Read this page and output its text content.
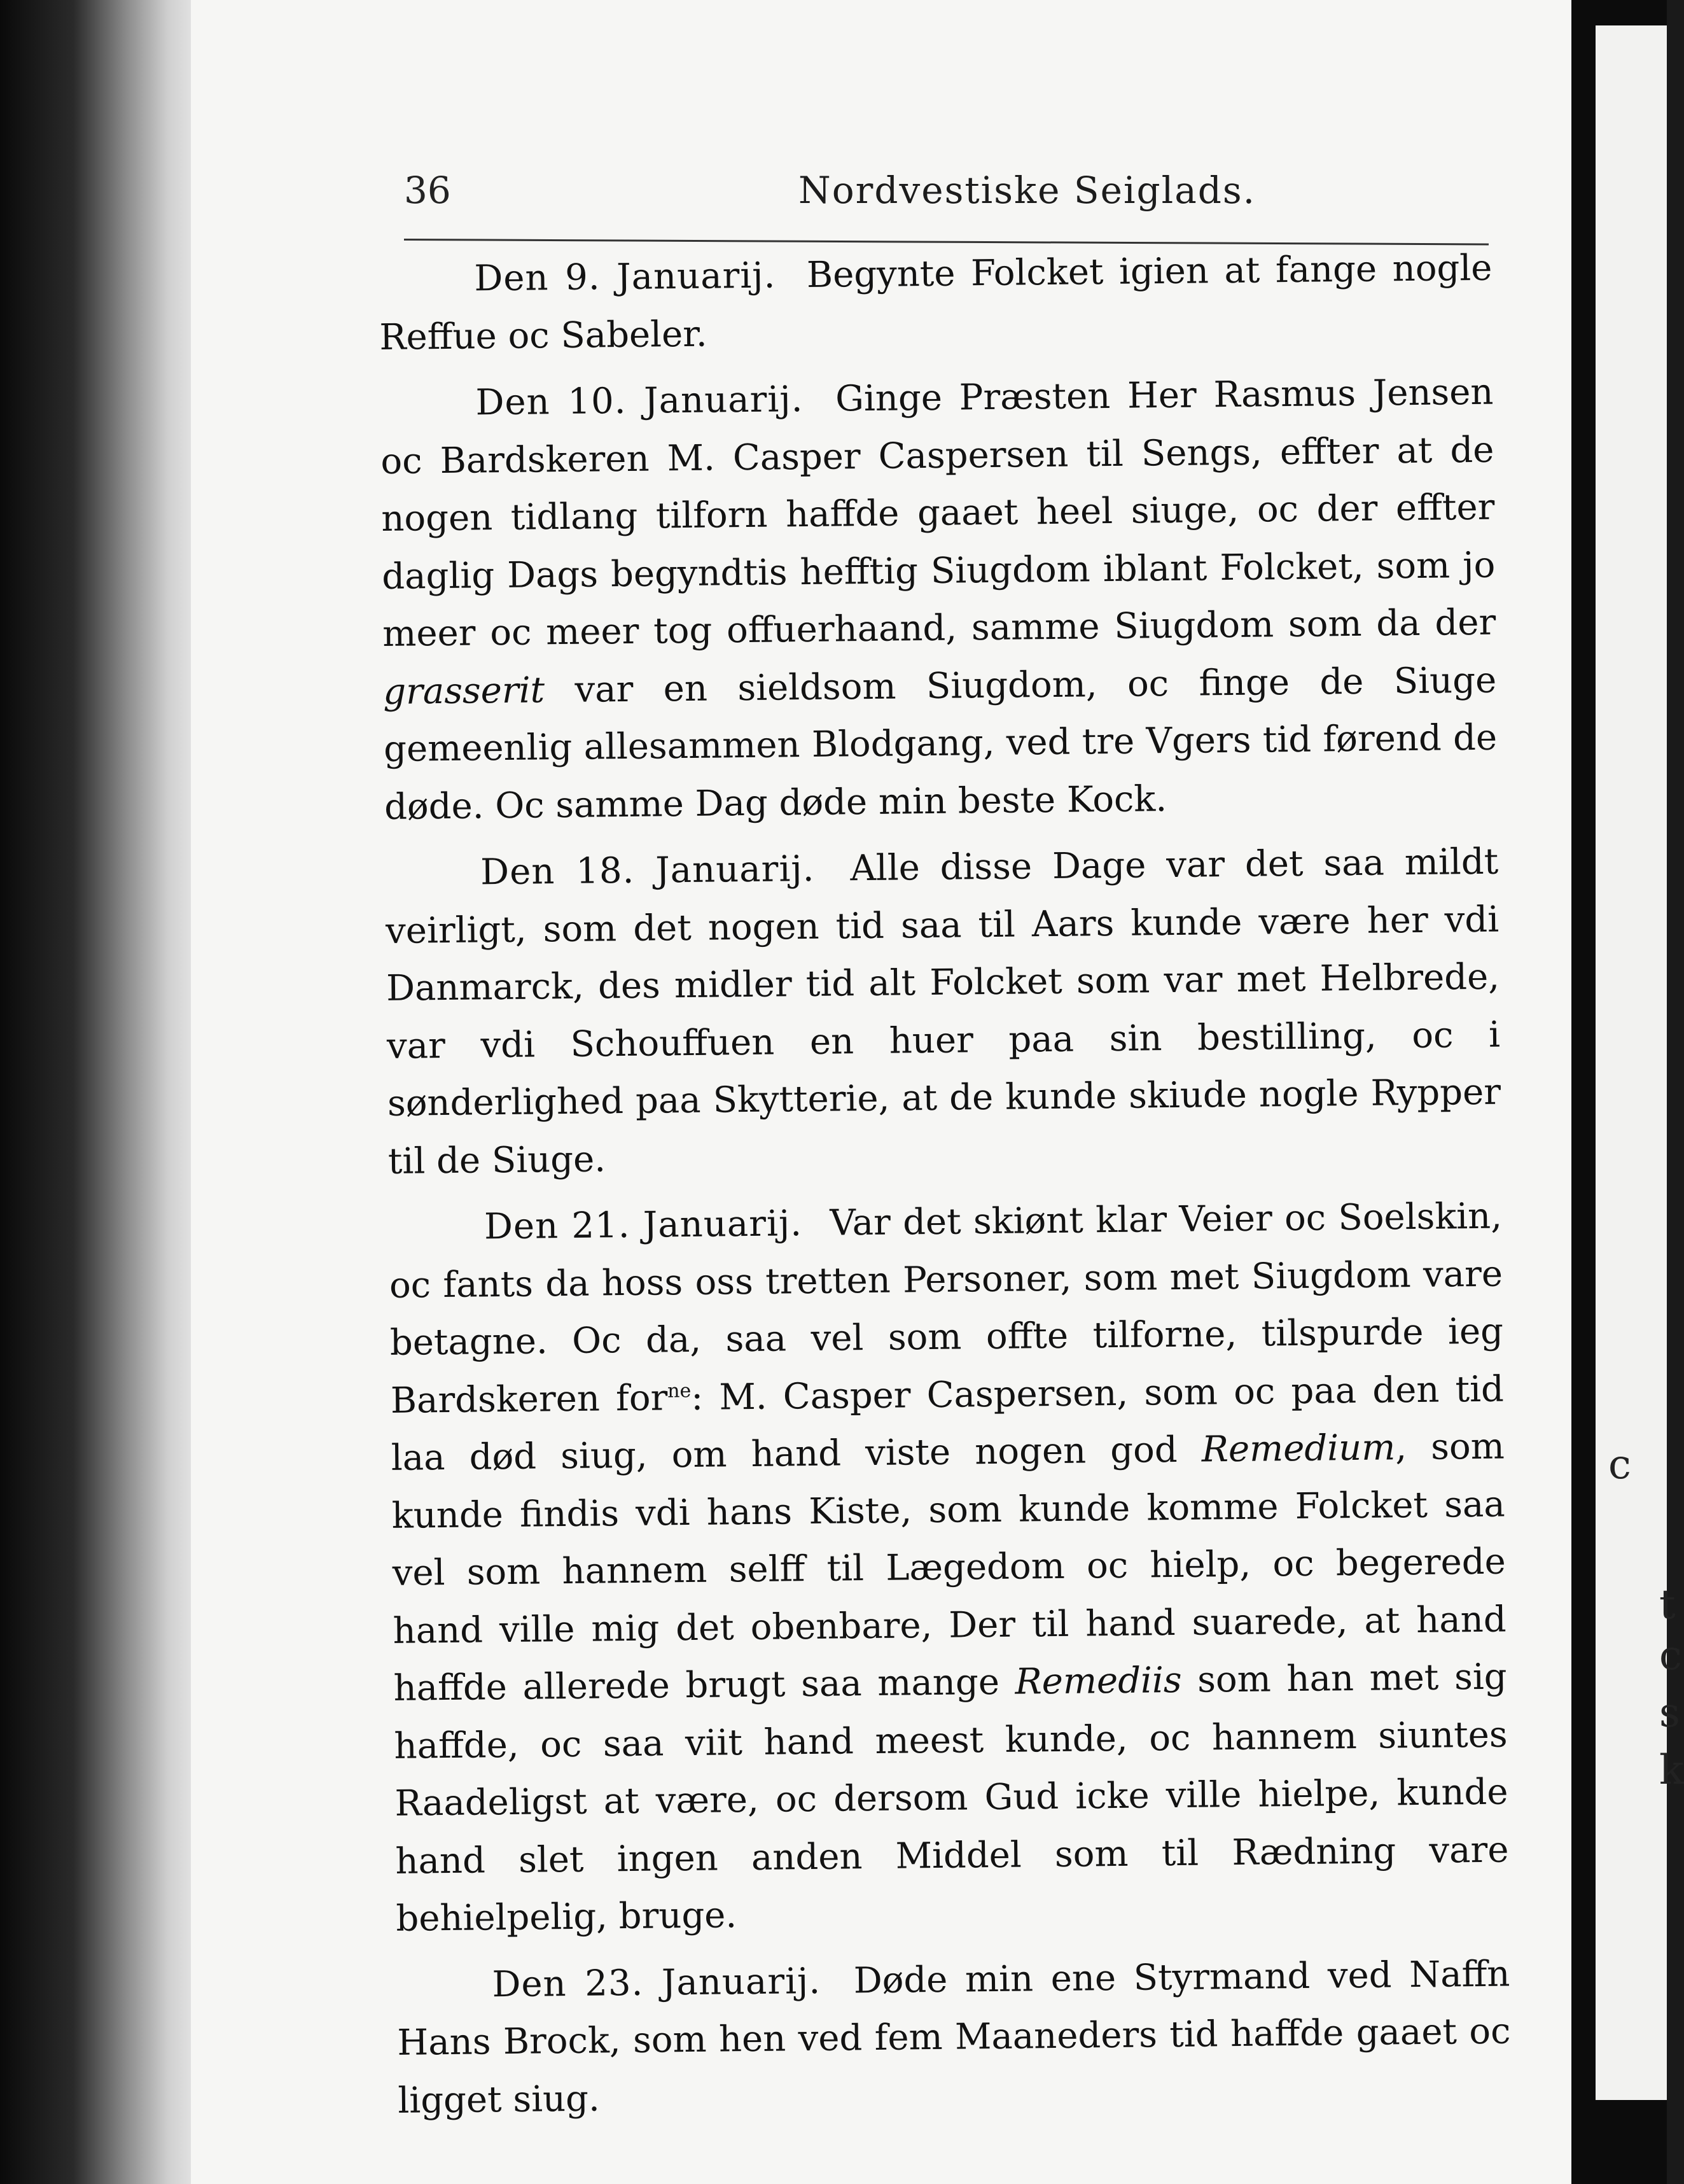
c
t
c
s
k
36	Nordvestiske Seiglads.

Den 9. Januarij. Begynte Folcket igien at fange nogle Reffue oc Sabeler.

Den 10. Januarij. Ginge Præsten Her Rasmus Jensen oc Bardskeren M. Casper Caspersen til Sengs, effter at de nogen tidlang tilforn haffde gaaet heel siuge, oc der effter daglig Dags begyndtis hefftig Siugdom iblant Folcket, som jo meer oc meer tog offuerhaand, samme Siugdom som da der grasserit var en sieldsom Siugdom, oc finge de Siuge gemeenlig allesammen Blodgang, ved tre Vgers tid førend de døde. Oc samme Dag døde min beste Kock.

Den 18. Januarij. Alle disse Dage var det saa mildt veirligt, som det nogen tid saa til Aars kunde være her vdi Danmarck, des midler tid alt Folcket som var met Helbrede, var vdi Schouffuen en huer paa sin bestilling, oc i sønderlighed paa Skytterie, at de kunde skiude nogle Rypper til de Siuge.

Den 21. Januarij. Var det skiønt klar Veier oc Soelskin, oc fants da hoss oss tretten Personer, som met Siugdom vare betagne. Oc da, saa vel som offte tilforne, tilspurde ieg Bardskeren for$^{ne}$: M. Casper Caspersen, som oc paa den tid laa død siug, om hand viste nogen god Remedium, som kunde findis vdi hans Kiste, som kunde komme Folcket saa vel som hannem selff til Lægedom oc hielp, oc begerede hand ville mig det obenbare, Der til hand suarede, at hand haffde allerede brugt saa mange Remediis som han met sig haffde, oc saa viit hand meest kunde, oc hannem siuntes Raadeligst at være, oc dersom Gud icke ville hielpe, kunde hand slet ingen anden Middel som til Rædning vare behielpelig, bruge.

Den 23. Januarij. Døde min ene Styrmand ved Naffn Hans Brock, som hen ved fem Maaneders tid haffde gaaet oc ligget siug.
